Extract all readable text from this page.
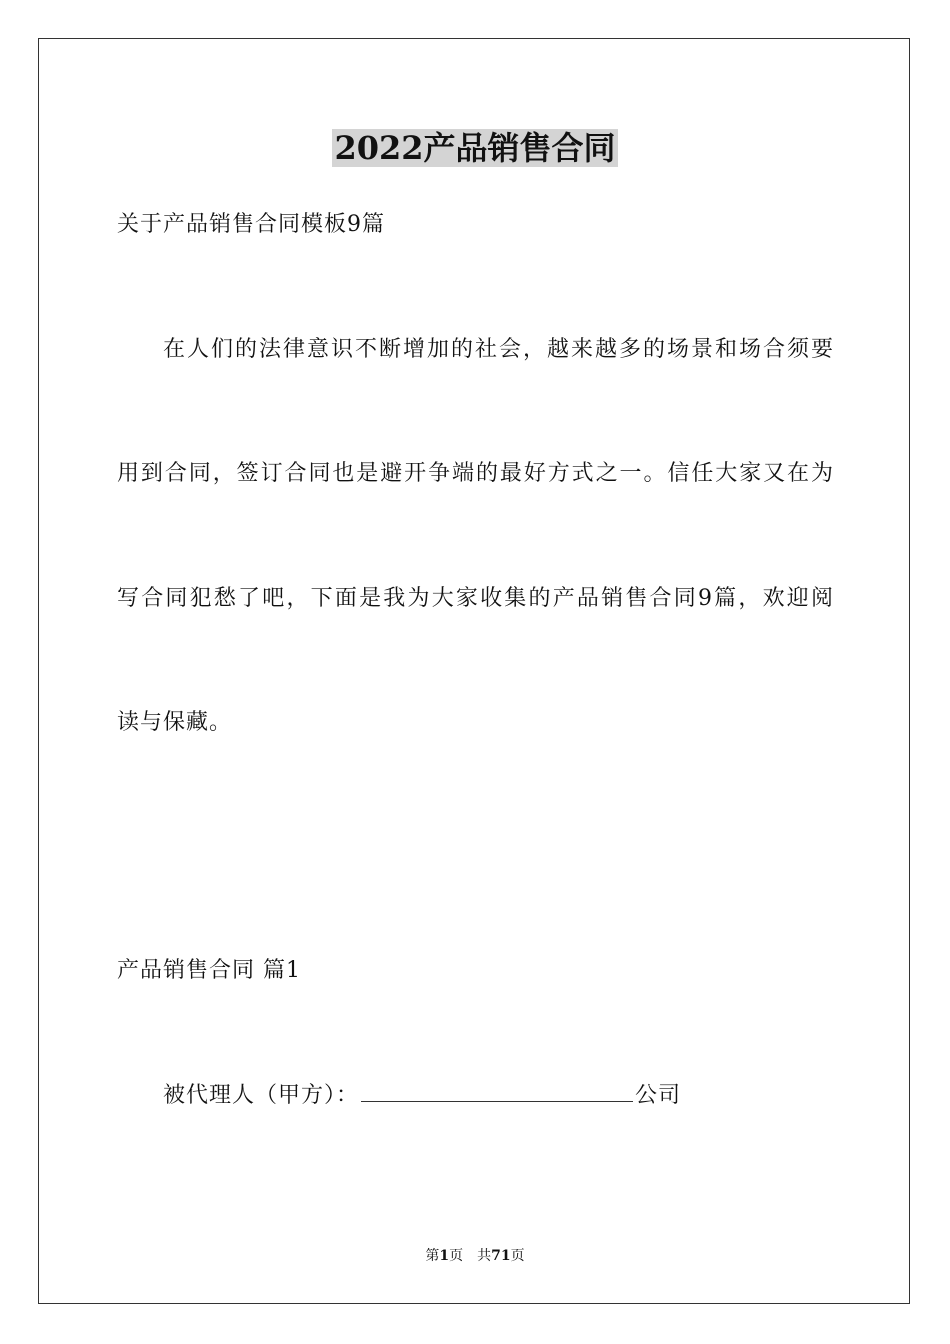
2022产品销售合同
关于产品销售合同模板9篇
在人们的法律意识不断增加的社会，越来越多的场景和场合须要
用到合同，签订合同也是避开争端的最好方式之一。信任大家又在为
写合同犯愁了吧，下面是我为大家收集的产品销售合同9篇，欢迎阅
读与保藏。
产品销售合同 篇1
被代理人（甲方）：	公司
第1页　共71页
